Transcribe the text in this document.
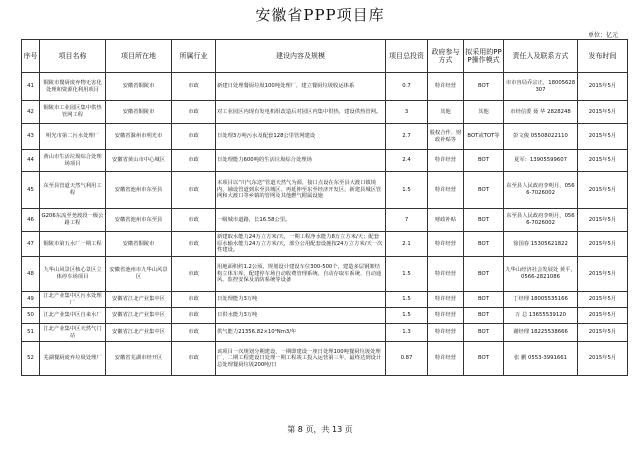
安徽省PPP项目库
单位：亿元
序号	项目名称	项目所在地	所属行业	建设内容及规模	项目总投资	政府参与方式	拟采用的PPP操作模式	责任人及联系方式	发布时间
41	铜陵市餐厨废弃物无害化处理和资源化利用项目	安徽省铜陵市	市政	新建日处理餐厨垃圾100吨处理厂，建立餐厨垃圾收运体系	0.7	特许经营	BOT	市市容局乔宗正，18005628307	2015年5月
42	铜陵市工业园区集中供热管网工程	安徽省铜陵市	市政	对工业园区内现有发电机组改造后对园区内集中供热，建设供热管网。	3	其他	其他	市经信委 聂 华 2828248	2015年5月
43	明光市第二污水处理厂	安徽省滁州市明光市	市政	日处理3万吨污水及配套128公里管网建设	2.7	股权合作、财政补贴等	BOT或TOT等	彭文俊 05508022110	2015年5月
44	黄山市生活垃圾综合处理场项目	安徽省黄山市中心城区	市政	日处理能力600吨的生活垃圾综合处理场	2.4	特许经营	BOT	夏军：13905599607	2015年5月
45	东至县管道天然气利用工程	安徽省池州市东至县	市政	本项目以“川气东送”管道天然气为源，接口点设在东至县大渡口镇境内，铺设管道到东至县城区、再延伸至东至经济开发区，新建县城区管网和大渡口等乡镇的管网及其他燃气附属设施	1.5	特许经营	BOT	东至县人民政府李明月，0566-7026002	2015年5月
46	G206东流至尧渡段一级公路工程	安徽省池州市东至县	市政	一级城市道路，长16.58公里。	7	财政补贴	BOT	东至县人民政府李明月，0566-7026002	2015年5月
47	铜陵市第五水厂一期工程	安徽省铜陵市	市政	新建取水能力24万立方米/天，一期工程净水能力8万立方米/天；配套原水输水能力24万立方米/天，部分公用配套设施按24万立方米/天一次性建设。	2.1	特许经营	BOT	徐国春 15305621822	2015年5月
48	九华山风景区核心景区立体停车场项目	安徽省池州市九华山风景区	市政	用地面积约1.2公顷，规划设计建设车位300-500个，建造多层钢架结构立体车库，配建停车场自动收费管理系统、自动存取车系统、自动通风、监控安保及消防系统等设备	1.5	特许经营	BOT	九华山经济社会发展处 黄平，0566-2821086	2015年5月
49	江北产业集中区污水处理厂	安徽省江北产业集中区	市政	日处理能力3万吨	1.5	特许经营	BOT	丁经理 18005535166	2015年5月
50	江北产业集中区自来水厂	安徽省江北产业集中区	市政	日供水能力3万吨	1.5	特许经营	BOT	万 总 13655539120	2015年5月
51	江北产业集中区天然气门站	安徽省江北产业集中区	市政	供气能力21356.82×10⁴Nm3/年	1.3	特许经营	BOT	谢经理 18225538666	2015年5月
52	芜湖餐厨废弃垃圾处理厂	安徽省芜湖市经开区	市政	该项目一次规划分期建设，一期即建设一座日处理100吨餐厨垃圾处理厂，二期工程建设日处理一期工程竣工投入运营第三年，最终达到设计总处理餐厨垃圾200吨/日	0.87	特许经营	BOT	张 鹏 0553-3991661	2015年5月
第 8 页，共 13 页
